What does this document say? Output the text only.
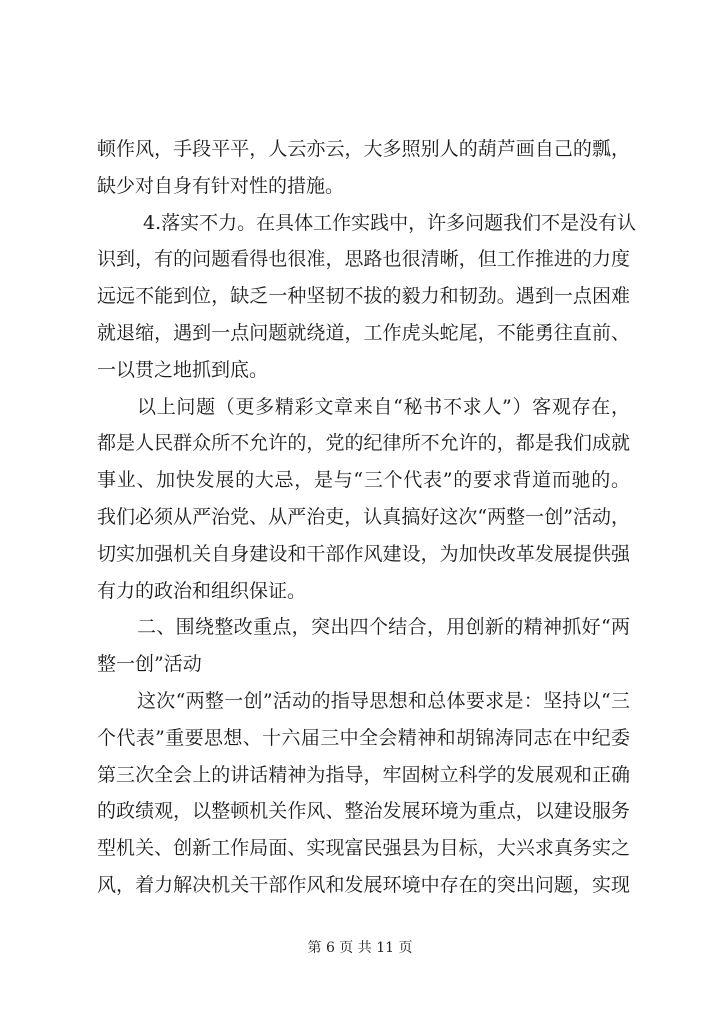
顿作风，手段平平，人云亦云，大多照别人的葫芦画自己的瓢，
缺少对自身有针对性的措施。
4.落实不力。在具体工作实践中，许多问题我们不是没有认
识到，有的问题看得也很准，思路也很清晰，但工作推进的力度
远远不能到位，缺乏一种坚韧不拔的毅力和韧劲。遇到一点困难
就退缩，遇到一点问题就绕道，工作虎头蛇尾，不能勇往直前、
一以贯之地抓到底。
以上问题（更多精彩文章来自“秘书不求人”）客观存在，
都是人民群众所不允许的，党的纪律所不允许的，都是我们成就
事业、加快发展的大忌，是与“三个代表”的要求背道而驰的。
我们必须从严治党、从严治吏，认真搞好这次“两整一创”活动，
切实加强机关自身建设和干部作风建设，为加快改革发展提供强
有力的政治和组织保证。
二、围绕整改重点，突出四个结合，用创新的精神抓好“两
整一创”活动
这次“两整一创”活动的指导思想和总体要求是：坚持以“三
个代表”重要思想、十六届三中全会精神和胡锦涛同志在中纪委
第三次全会上的讲话精神为指导，牢固树立科学的发展观和正确
的政绩观，以整顿机关作风、整治发展环境为重点，以建设服务
型机关、创新工作局面、实现富民强县为目标，大兴求真务实之
风，着力解决机关干部作风和发展环境中存在的突出问题，实现
第 6 页 共 11 页
